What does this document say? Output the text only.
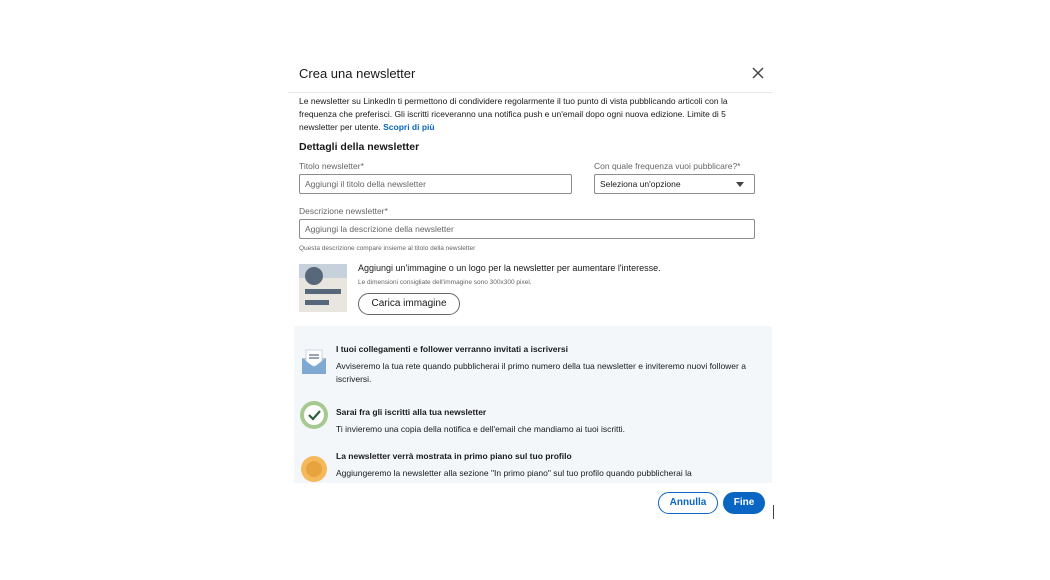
Crea una newsletter
Le newsletter su LinkedIn ti permettono di condividere regolarmente il tuo punto di vista pubblicando articoli con la frequenza che preferisci. Gli iscritti riceveranno una notifica push e un'email dopo ogni nuova edizione. Limite di 5 newsletter per utente. Scopri di più
Dettagli della newsletter
Titolo newsletter*
Aggiungi il titolo della newsletter
Con quale frequenza vuoi pubblicare?*
Seleziona un'opzione
Descrizione newsletter*
Aggiungi la descrizione della newsletter
Questa descrizione compare insieme al titolo della newsletter
Aggiungi un'immagine o un logo per la newsletter per aumentare l'interesse.
Le dimensioni consigliate dell'immagine sono 300x300 pixel.
Carica immagine
I tuoi collegamenti e follower verranno invitati a iscriversi
Avviseremo la tua rete quando pubblicherai il primo numero della tua newsletter e inviteremo nuovi follower a iscriversi.
Sarai fra gli iscritti alla tua newsletter
Ti invieremo una copia della notifica e dell'email che mandiamo ai tuoi iscritti.
La newsletter verrà mostrata in primo piano sul tuo profilo
Aggiungeremo la newsletter alla sezione "In primo piano" sul tuo profilo quando pubblicherai la
Annulla	Fine
